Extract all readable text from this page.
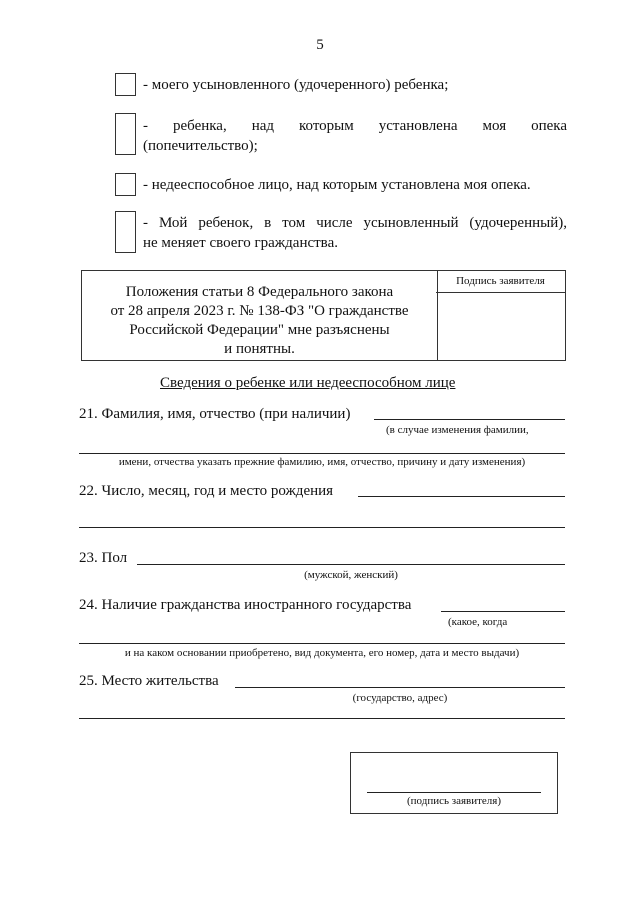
5
- моего усыновленного (удочеренного) ребенка;
- ребенка, над которым установлена моя опека
(попечительство);
- недееспособное лицо, над которым установлена моя опека.
- Мой ребенок, в том числе усыновленный (удочеренный),
не меняет своего гражданства.
Положения статьи 8 Федерального закона
от 28 апреля 2023 г. № 138-ФЗ "О гражданстве
Российской Федерации" мне разъяснены
и понятны.
Подпись заявителя
Сведения о ребенке или недееспособном лице
21. Фамилия, имя, отчество (при наличии)
(в случае изменения фамилии,
имени, отчества указать прежние фамилию, имя, отчество, причину и дату изменения)
22. Число, месяц, год и место рождения
23. Пол
(мужской, женский)
24. Наличие гражданства иностранного государства
(какое, когда
и на каком основании приобретено, вид документа, его номер, дата и место выдачи)
25. Место жительства
(государство, адрес)
(подпись заявителя)
